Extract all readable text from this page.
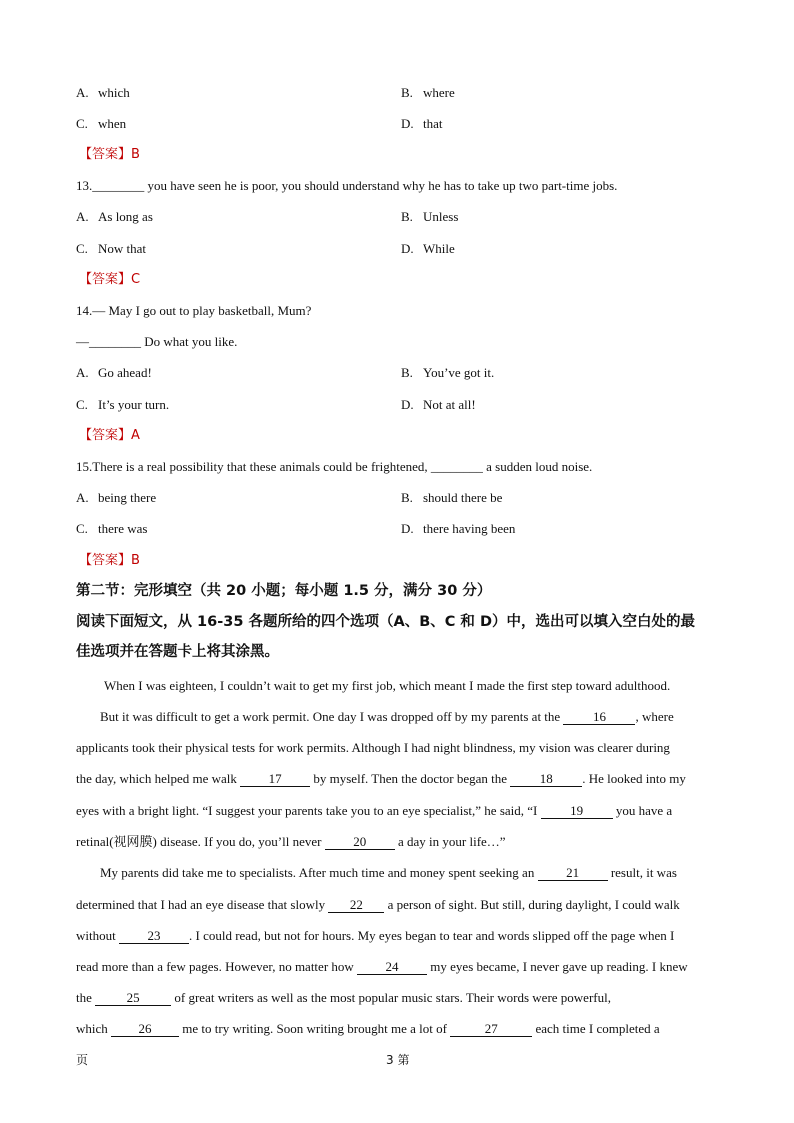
A. which	B. where
C. when	D. that
【答案】B
13.________ you have seen he is poor, you should understand why he has to take up two part-time jobs.
A. As long as	B. Unless
C. Now that	D. While
【答案】C
14.— May I go out to play basketball, Mum?
—________ Do what you like.
A. Go ahead!	B. You’ve got it.
C. It’s your turn.	D. Not at all!
【答案】A
15.There is a real possibility that these animals could be frightened, ________ a sudden loud noise.
A. being there	B. should there be
C. there was	D. there having been
【答案】B
第二节：完形填空（共 20 小题；每小题 1.5 分，满分 30 分）
阅读下面短文，从 16-35 各题所给的四个选项（A、B、C 和 D）中，选出可以填入空白处的最
佳选项并在答题卡上将其涂黑。
When I was eighteen, I couldn’t wait to get my first job, which meant I made the first step toward adulthood.
But it was difficult to get a work permit. One day I was dropped off by my parents at the 16 , where
applicants took their physical tests for work permits. Although I had night blindness, my vision was clearer during
the day, which helped me walk 17 by myself. Then the doctor began the 18 . He looked into my
eyes with a bright light. “I suggest your parents take you to an eye specialist,” he said, “I 19 you have a
retinal(视网膜) disease. If you do, you’ll never 20 a day in your life…”
My parents did take me to specialists. After much time and money spent seeking an 21 result, it was
determined that I had an eye disease that slowly 22 a person of sight. But still, during daylight, I could walk
without 23 . I could read, but not for hours. My eyes began to tear and words slipped off the page when I
read more than a few pages. However, no matter how 24 my eyes became, I never gave up reading. I knew
the 25 of great writers as well as the most popular music stars. Their words were powerful,
which 26 me to try writing. Soon writing brought me a lot of	27	each time I completed a
页	3 第
